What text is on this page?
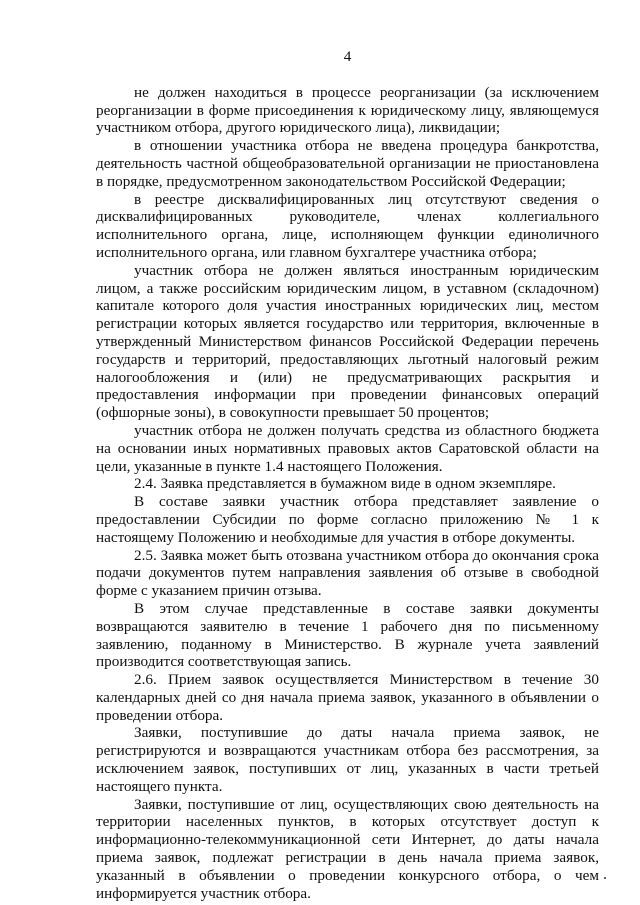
4

не должен находиться в процессе реорганизации (за исключением реорганизации в форме присоединения к юридическому лицу, являющемуся участником отбора, другого юридического лица), ликвидации;

в отношении участника отбора не введена процедура банкротства, деятельность частной общеобразовательной организации не приостановлена в порядке, предусмотренном законодательством Российской Федерации;

в реестре дисквалифицированных лиц отсутствуют сведения о дисквалифицированных руководителе, членах коллегиального исполнительного органа, лице, исполняющем функции единоличного исполнительного органа, или главном бухгалтере участника отбора;

участник отбора не должен являться иностранным юридическим лицом, а также российским юридическим лицом, в уставном (складочном) капитале которого доля участия иностранных юридических лиц, местом регистрации которых является государство или территория, включенные в утвержденный Министерством финансов Российской Федерации перечень государств и территорий, предоставляющих льготный налоговый режим налогообложения и (или) не предусматривающих раскрытия и предоставления информации при проведении финансовых операций (офшорные зоны), в совокупности превышает 50 процентов;

участник отбора не должен получать средства из областного бюджета на основании иных нормативных правовых актов Саратовской области на цели, указанные в пункте 1.4 настоящего Положения.

2.4. Заявка представляется в бумажном виде в одном экземпляре.

В составе заявки участник отбора представляет заявление о предоставлении Субсидии по форме согласно приложению № 1 к настоящему Положению и необходимые для участия в отборе документы.

2.5. Заявка может быть отозвана участником отбора до окончания срока подачи документов путем направления заявления об отзыве в свободной форме с указанием причин отзыва.

В этом случае представленные в составе заявки документы возвращаются заявителю в течение 1 рабочего дня по письменному заявлению, поданному в Министерство. В журнале учета заявлений производится соответствующая запись.

2.6. Прием заявок осуществляется Министерством в течение 30 календарных дней со дня начала приема заявок, указанного в объявлении о проведении отбора.

Заявки, поступившие до даты начала приема заявок, не регистрируются и возвращаются участникам отбора без рассмотрения, за исключением заявок, поступивших от лиц, указанных в части третьей настоящего пункта.

Заявки, поступившие от лиц, осуществляющих свою деятельность на территории населенных пунктов, в которых отсутствует доступ к информационно-телекоммуникационной сети Интернет, до даты начала приема заявок, подлежат регистрации в день начала приема заявок, указанный в объявлении о проведении конкурсного отбора, о чем информируется участник отбора.
